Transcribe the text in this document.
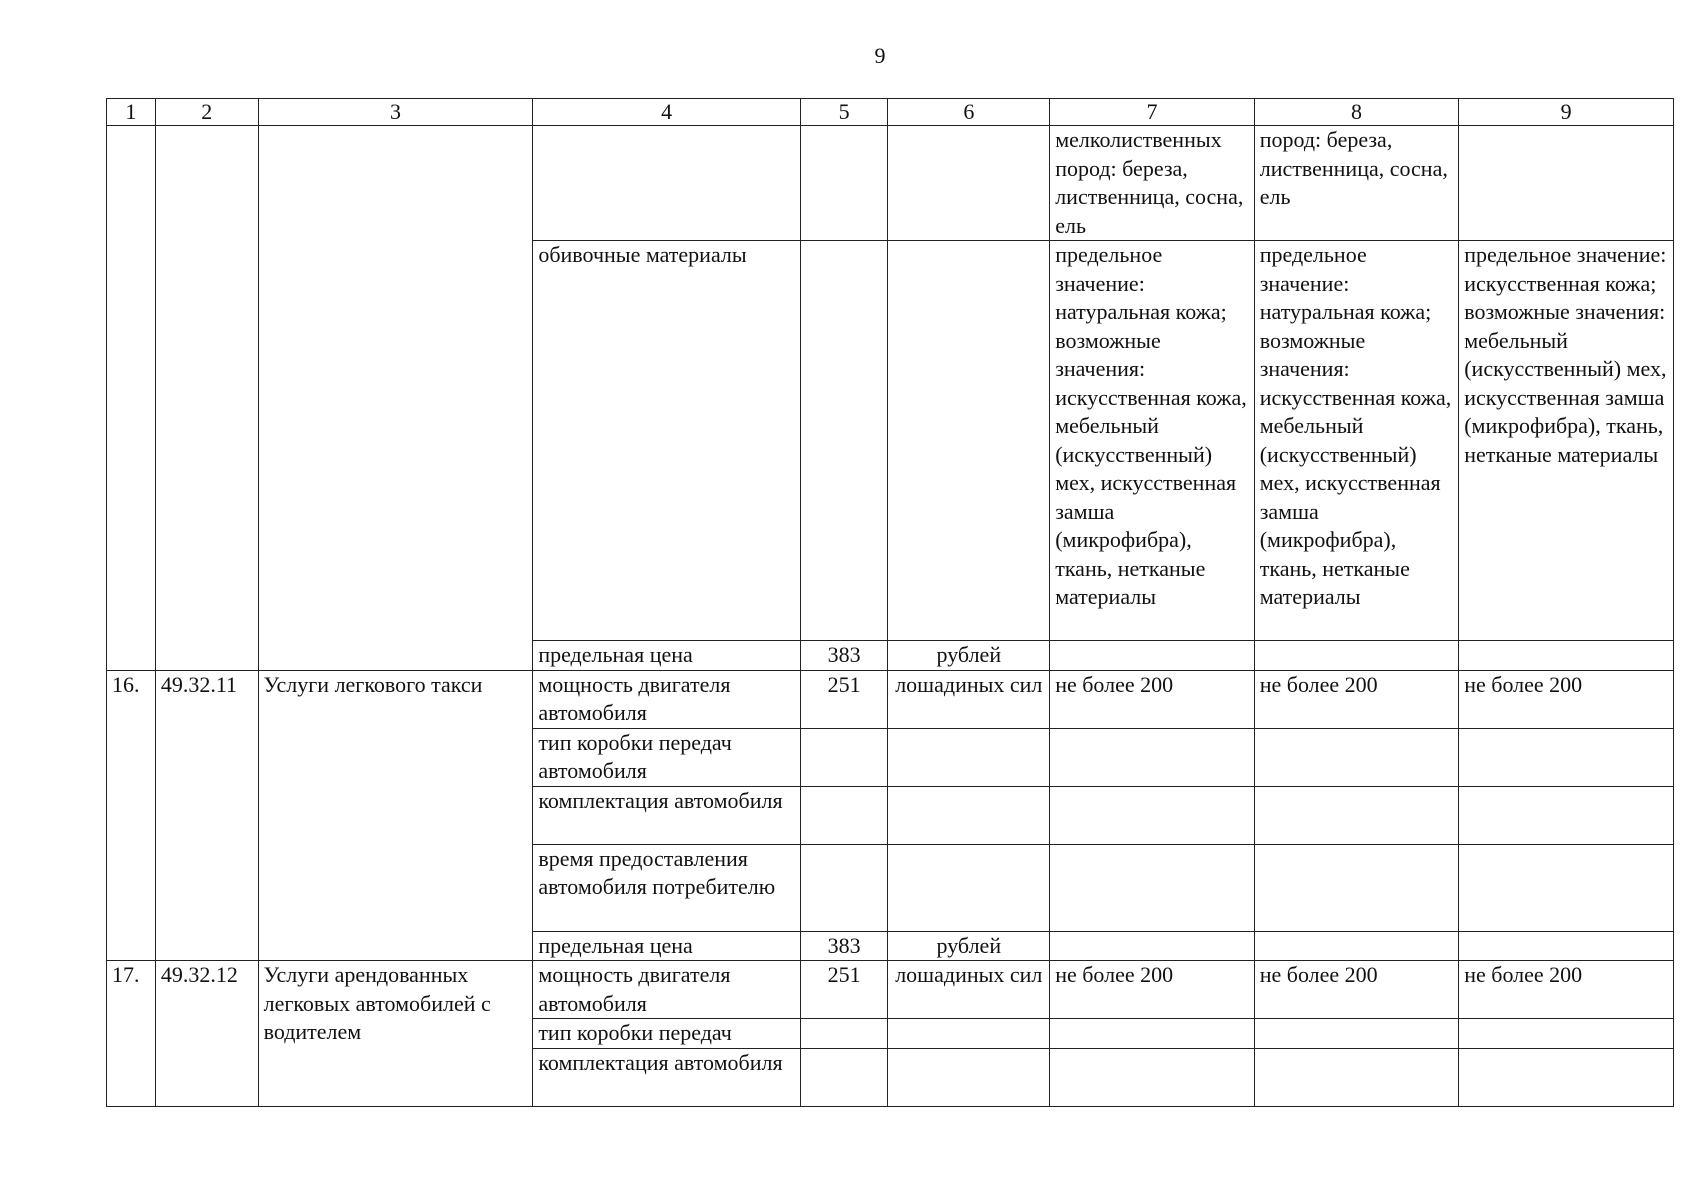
9
1	2	3	4	5	6	7	8	9
						мелколиственных пород: береза, лиственница, сосна, ель	пород: береза, лиственница, сосна, ель	
			обивочные материалы			предельное значение: натуральная кожа; возможные значения: искусственная кожа, мебельный (искусственный) мех, искусственная замша (микрофибра), ткань, нетканые материалы	предельное значение: натуральная кожа; возможные значения: искусственная кожа, мебельный (искусственный) мех, искусственная замша (микрофибра), ткань, нетканые материалы	предельное значение: искусственная кожа; возможные значения: мебельный (искусственный) мех, искусственная замша (микрофибра), ткань, нетканые материалы
			предельная цена	383	рублей			
16.	49.32.11	Услуги легкового такси	мощность двигателя автомобиля	251	лошадиных сил	не более 200	не более 200	не более 200
			тип коробки передач автомобиля					
			комплектация автомобиля					
			время предоставления автомобиля потребителю					
			предельная цена	383	рублей			
17.	49.32.12	Услуги арендованных легковых автомобилей с водителем	мощность двигателя автомобиля	251	лошадиных сил	не более 200	не более 200	не более 200
			тип коробки передач					
			комплектация автомобиля					
